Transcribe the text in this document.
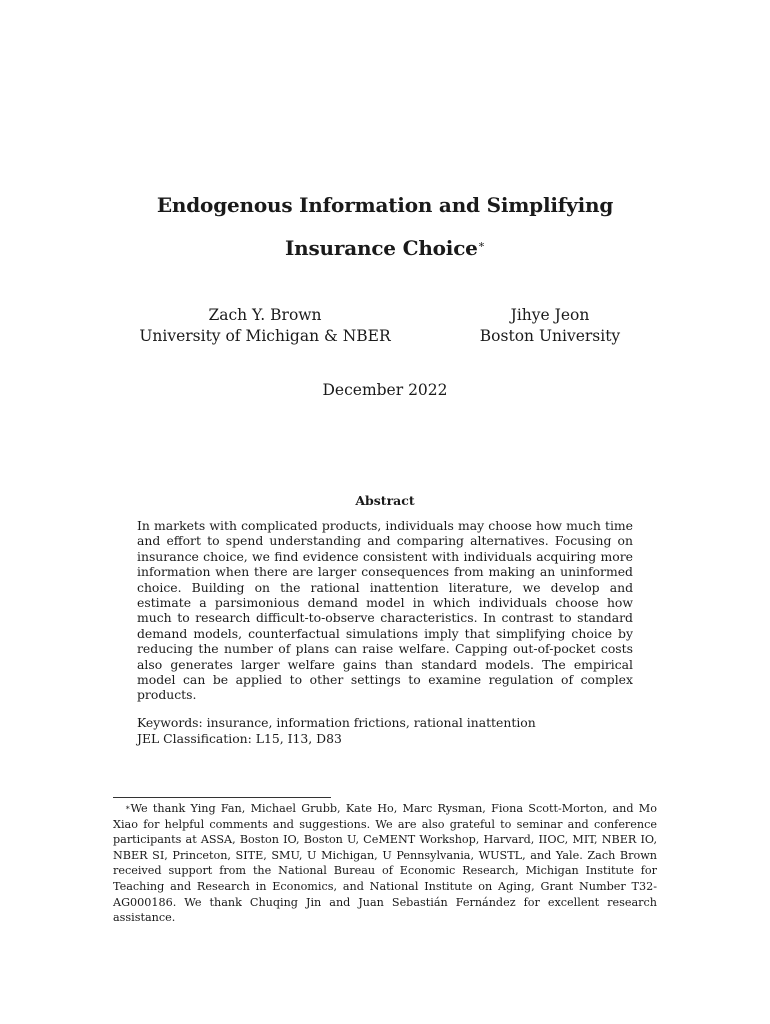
Endogenous Information and Simplifying Insurance Choice∗
Zach Y. Brown
University of Michigan & NBER
Jihye Jeon
Boston University
December 2022
Abstract
In markets with complicated products, individuals may choose how much time and effort to spend understanding and comparing alternatives. Focusing on insurance choice, we find evidence consistent with individuals acquiring more information when there are larger consequences from making an uninformed choice. Building on the rational inattention literature, we develop and estimate a parsimonious demand model in which individuals choose how much to research difficult-to-observe characteristics. In contrast to standard demand models, counterfactual simulations imply that simplifying choice by reducing the number of plans can raise welfare. Capping out-of-pocket costs also generates larger welfare gains than standard models. The empirical model can be applied to other settings to examine regulation of complex products.
Keywords: insurance, information frictions, rational inattention
JEL Classification: L15, I13, D83
∗We thank Ying Fan, Michael Grubb, Kate Ho, Marc Rysman, Fiona Scott-Morton, and Mo Xiao for helpful comments and suggestions. We are also grateful to seminar and conference participants at ASSA, Boston IO, Boston U, CeMENT Workshop, Harvard, IIOC, MIT, NBER IO, NBER SI, Princeton, SITE, SMU, U Michigan, U Pennsylvania, WUSTL, and Yale. Zach Brown received support from the National Bureau of Economic Research, Michigan Institute for Teaching and Research in Economics, and National Institute on Aging, Grant Number T32-AG000186. We thank Chuqing Jin and Juan Sebastián Fernández for excellent research assistance.
